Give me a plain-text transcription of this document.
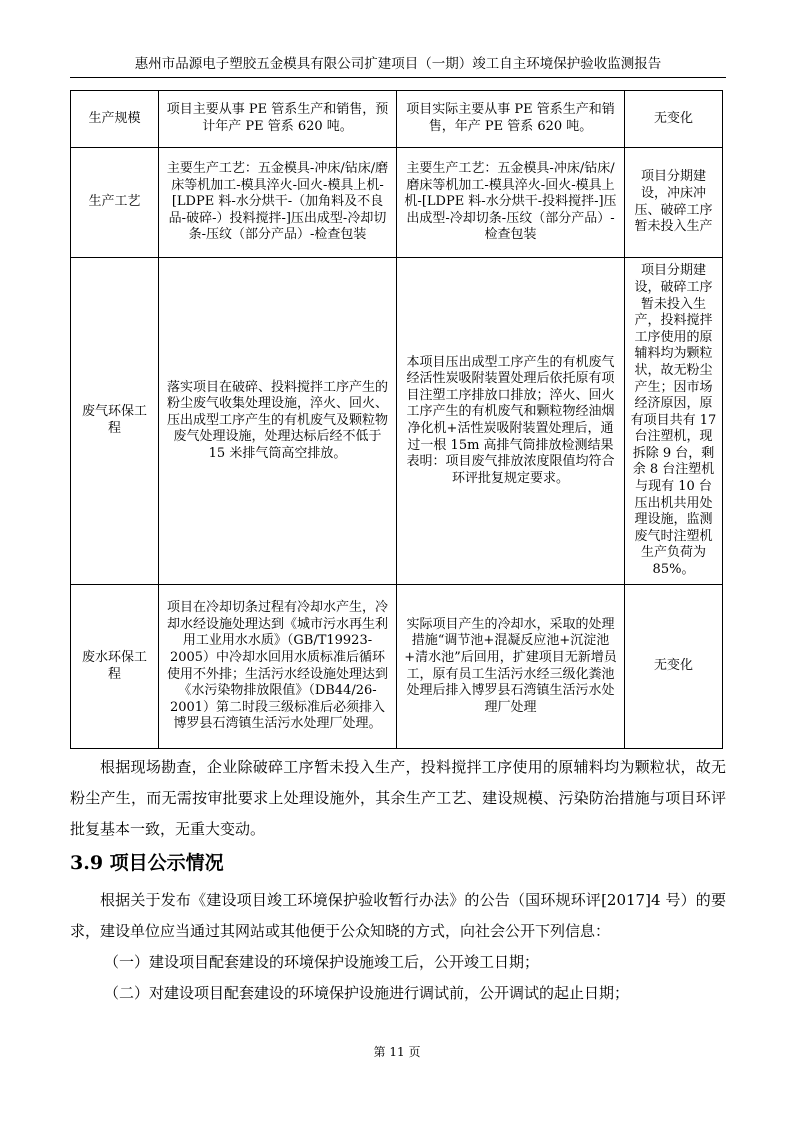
惠州市品源电子塑胶五金模具有限公司扩建项目（一期）竣工自主环境保护验收监测报告
生产规模	项目主要从事 PE 管系生产和销售，预计年产 PE 管系 620 吨。	项目实际主要从事 PE 管系生产和销售，年产 PE 管系 620 吨。	无变化
生产工艺	主要生产工艺：五金模具-冲床/钻床/磨床等机加工-模具淬火-回火-模具上机-[LDPE 料-水分烘干-（加角料及不良品-破碎-）投料搅拌-]压出成型-冷却切条-压纹（部分产品）-检查包装	主要生产工艺：五金模具-冲床/钻床/磨床等机加工-模具淬火-回火-模具上机-[LDPE 料-水分烘干-投料搅拌-]压出成型-冷却切条-压纹（部分产品）-检查包装	项目分期建设，冲床冲压、破碎工序暂未投入生产
废气环保工程	落实项目在破碎、投料搅拌工序产生的粉尘废气收集处理设施，淬火、回火、压出成型工序产生的有机废气及颗粒物废气处理设施，处理达标后经不低于 15 米排气筒高空排放。	本项目压出成型工序产生的有机废气经活性炭吸附装置处理后依托原有项目注塑工序排放口排放；淬火、回火工序产生的有机废气和颗粒物经油烟净化机+活性炭吸附装置处理后，通过一根 15m 高排气筒排放检测结果表明：项目废气排放浓度限值均符合环评批复规定要求。	项目分期建设，破碎工序暂未投入生产，投料搅拌工序使用的原辅料均为颗粒状，故无粉尘产生；因市场经济原因，原有项目共有 17 台注塑机，现拆除 9 台，剩余 8 台注塑机与现有 10 台压出机共用处理设施，监测废气时注塑机生产负荷为 85%。
废水环保工程	项目在冷却切条过程有冷却水产生，冷却水经设施处理达到《城市污水再生利用工业用水水质》（GB/T19923-2005）中冷却水回用水质标准后循环使用不外排；生活污水经设施处理达到《水污染物排放限值》（DB44/26-2001）第二时段三级标准后必须排入博罗县石湾镇生活污水处理厂处理。	实际项目产生的冷却水，采取的处理措施“调节池+混凝反应池+沉淀池+清水池”后回用，扩建项目无新增员工，原有员工生活污水经三级化粪池处理后排入博罗县石湾镇生活污水处理厂处理	无变化
根据现场勘查，企业除破碎工序暂未投入生产，投料搅拌工序使用的原辅料均为颗粒状，故无粉尘产生，而无需按审批要求上处理设施外，其余生产工艺、建设规模、污染防治措施与项目环评批复基本一致，无重大变动。
3.9 项目公示情况
根据关于发布《建设项目竣工环境保护验收暂行办法》的公告（国环规环评[2017]4 号）的要求，建设单位应当通过其网站或其他便于公众知晓的方式，向社会公开下列信息：
（一）建设项目配套建设的环境保护设施竣工后，公开竣工日期；
（二）对建设项目配套建设的环境保护设施进行调试前，公开调试的起止日期；
第 11 页
